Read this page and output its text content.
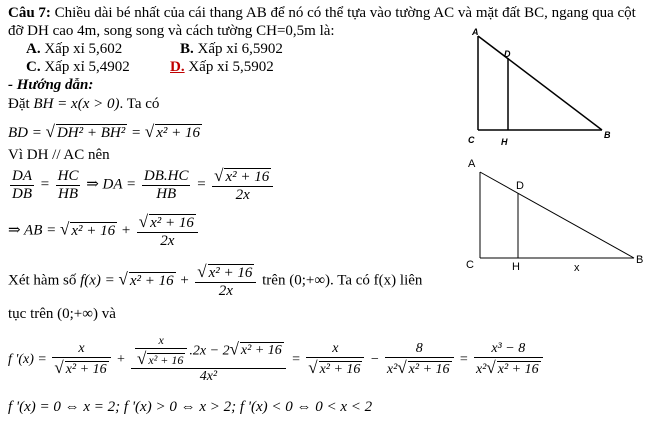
Câu 7: Chiều dài bé nhất của cái thang AB để nó có thể tựa vào tường AC và mặt đất BC, ngang qua cột
đỡ DH cao 4m, song song và cách tường CH=0,5m là:
A. Xấp xỉ 5,602	B. Xấp xỉ 6,5902
C. Xấp xỉ 5,4902	D. Xấp xỉ 5,5902
- Hướng dẫn:
Đặt BH = x(x > 0). Ta có
BD = √ DH² + BH² = √ x² + 16
Vì DH // AC nên
$\frac{DA}{DB} = \frac{HC}{HB}$ ⇒ DA = $\frac{DB.HC}{HB} = \frac{\text{√ x² + 16}}{2x}$
⇒ AB = √ $x^2 + 16 + \frac{\text{√ x² + 16}}{2x}$
Xét hàm số f(x) = √ $x^2 + 16 + \frac{\text{√ x² + 16}}{2x}$ trên (0;+∞). Ta có f(x) liên
tục trên (0;+∞) và
f '$(x) = \frac{x}{\text{√ x² + 16}} + \frac{\frac{x}{\text{√ x² + 16}} .2x - 2√ x^2 + 16}{\text{4x²}} = \frac{x}{\text{√ x² + 16}} - \frac{8}{\text{x²√ x² + 16}} = \frac{\text{x³ − 8}}{\text{x²√ x² + 16}}$
f '(x) = 0 ⇔ x = 2; f '(x) > 0 ⇔ x > 2; f '(x) < 0 ⇔ 0 < x < 2
A
D
C	H
B
A
D
C	H	x
B
